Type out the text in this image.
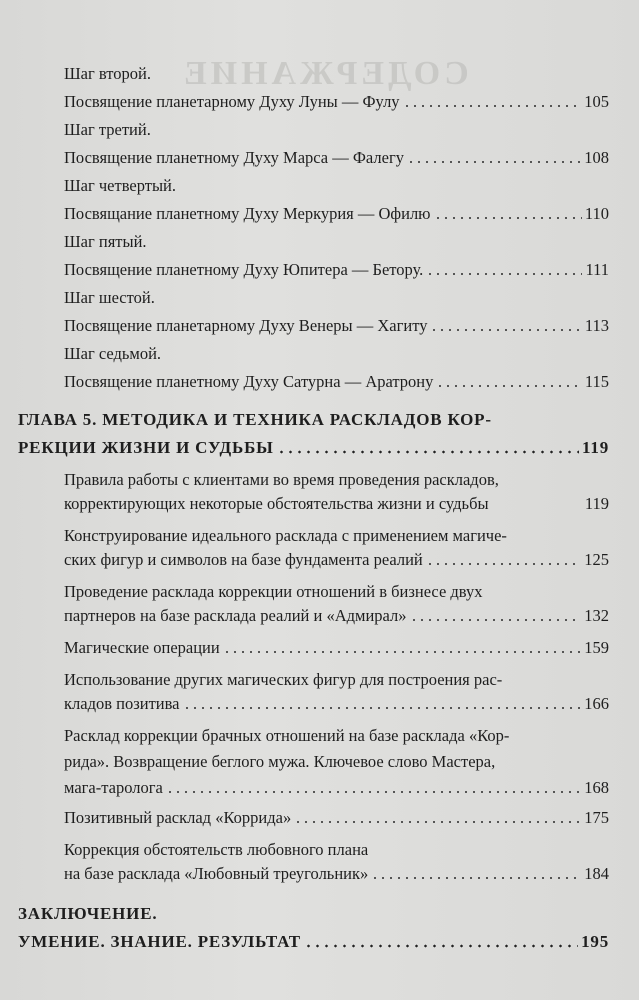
СОДЕРЖАНИЕ
Шаг второй.
Посвящение планетарному Духу Луны — Фулу	105
Шаг третий.
Посвящение планетному Духу Марса — Фалегу	108
Шаг четвертый.
Посвящание планетному Духу Меркурия — Офилю	110
Шаг пятый.
Посвящение планетному Духу Юпитера — Бетору.	111
Шаг шестой.
Посвящение планетарному Духу Венеры — Хагиту	113
Шаг седьмой.
Посвящение планетному Духу Сатурна — Аратрону	115
ГЛАВА 5. МЕТОДИКА И ТЕХНИКА РАСКЛАДОВ КОР-
РЕКЦИИ ЖИЗНИ И СУДЬБЫ	119
Правила работы с клиентами во время проведения раскладов,
корректирующих некоторые обстоятельства жизни и судьбы	119
Конструирование идеального расклада с применением магиче-
ских фигур и символов на базе фундамента реалий	125
Проведение расклада коррекции отношений в бизнесе двух
партнеров на базе расклада реалий и «Адмирал»	132
Магические операции	159
Использование других магических фигур для построения рас-
кладов позитива	166
Расклад коррекции брачных отношений на базе расклада «Кор-
рида». Возвращение беглого мужа. Ключевое слово Мастера,
мага-таролога	168
Позитивный расклад «Коррида»	175
Коррекция обстоятельств любовного плана
на базе расклада «Любовный треугольник»	184
ЗАКЛЮЧЕНИЕ.
УМЕНИЕ. ЗНАНИЕ. РЕЗУЛЬТАТ	195
